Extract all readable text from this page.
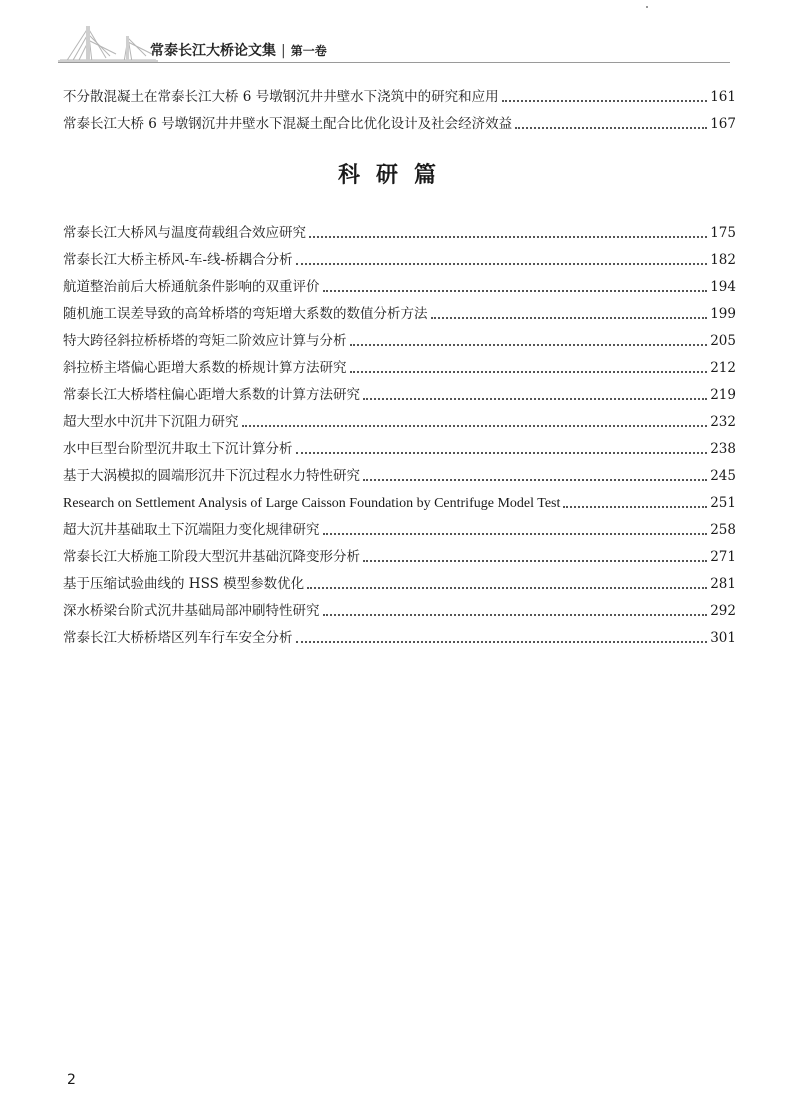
常泰长江大桥论文集 | 第一卷
不分散混凝土在常泰长江大桥 6 号墩钢沉井井壁水下浇筑中的研究和应用	161
常泰长江大桥 6 号墩钢沉井井壁水下混凝土配合比优化设计及社会经济效益	167
科研篇
常泰长江大桥风与温度荷载组合效应研究	175
常泰长江大桥主桥风-车-线-桥耦合分析	182
航道整治前后大桥通航条件影响的双重评价	194
随机施工误差导致的高耸桥塔的弯矩增大系数的数值分析方法	199
特大跨径斜拉桥桥塔的弯矩二阶效应计算与分析	205
斜拉桥主塔偏心距增大系数的桥规计算方法研究	212
常泰长江大桥塔柱偏心距增大系数的计算方法研究	219
超大型水中沉井下沉阻力研究	232
水中巨型台阶型沉井取土下沉计算分析	238
基于大涡模拟的圆端形沉井下沉过程水力特性研究	245
Research on Settlement Analysis of Large Caisson Foundation by Centrifuge Model Test	251
超大沉井基础取土下沉端阻力变化规律研究	258
常泰长江大桥施工阶段大型沉井基础沉降变形分析	271
基于压缩试验曲线的 HSS 模型参数优化	281
深水桥梁台阶式沉井基础局部冲刷特性研究	292
常泰长江大桥桥塔区列车行车安全分析	301
2
